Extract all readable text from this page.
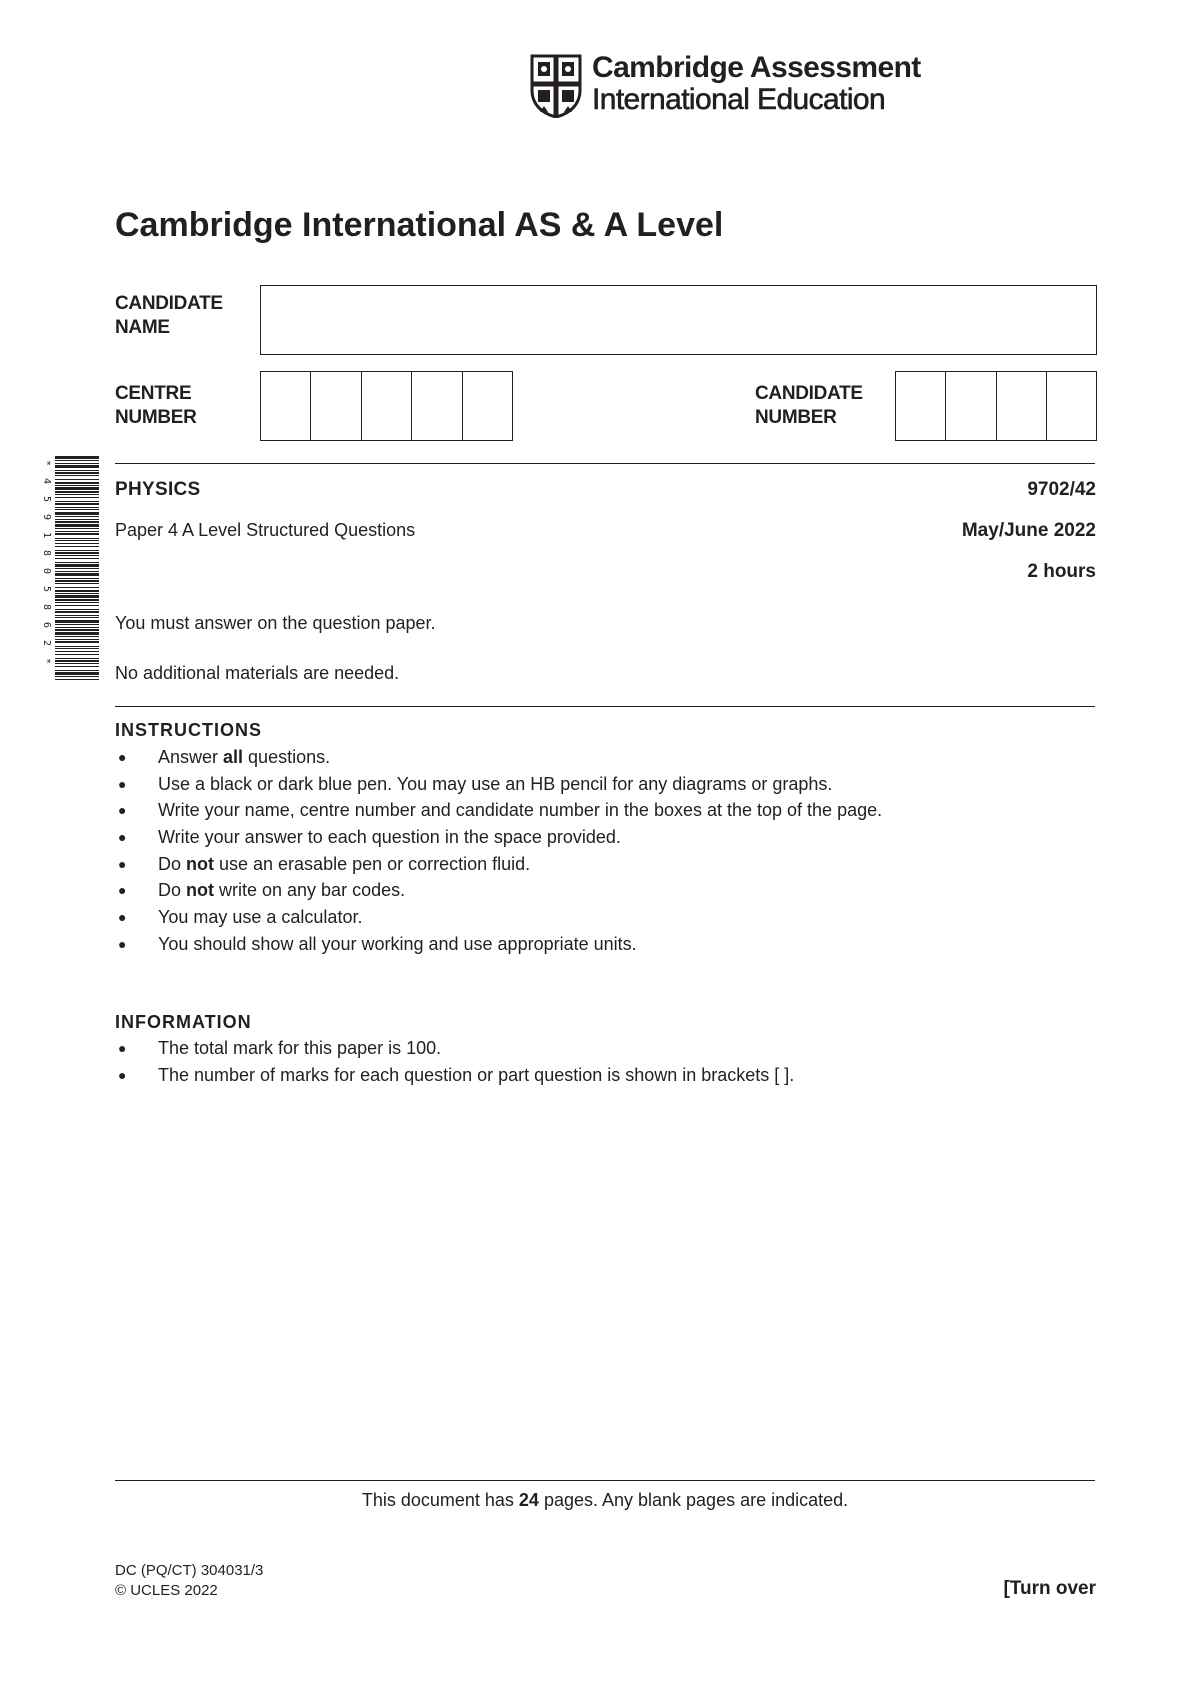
Cambridge Assessment
International Education
Cambridge International AS & A Level
CANDIDATE
NAME
CENTRE
NUMBER
CANDIDATE
NUMBER
*
4
5
9
1
8
0
5
8
6
2
*
PHYSICS	9702/42
Paper 4 A Level Structured Questions	May/June 2022
2 hours
You must answer on the question paper.
No additional materials are needed.
INSTRUCTIONS
● Answer all questions.
● Use a black or dark blue pen. You may use an HB pencil for any diagrams or graphs.
● Write your name, centre number and candidate number in the boxes at the top of the page.
● Write your answer to each question in the space provided.
● Do not use an erasable pen or correction fluid.
● Do not write on any bar codes.
● You may use a calculator.
● You should show all your working and use appropriate units.
INFORMATION
● The total mark for this paper is 100.
● The number of marks for each question or part question is shown in brackets [ ].
This document has 24 pages. Any blank pages are indicated.
DC (PQ/CT) 304031/3
© UCLES 2022	[Turn over
